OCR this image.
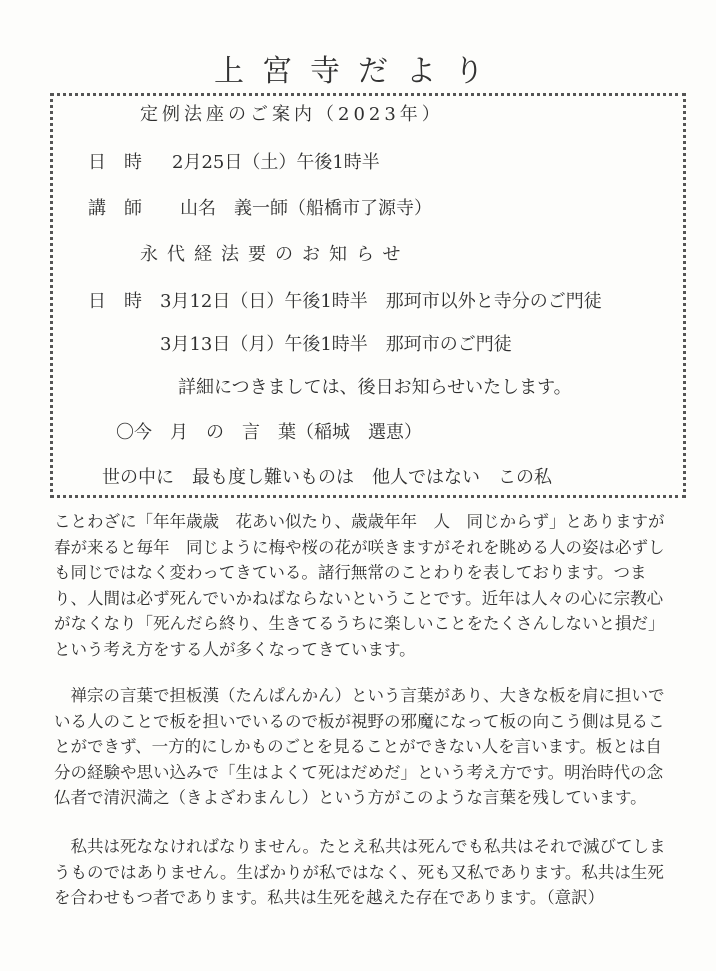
上宮寺だより
定例法座のご案内（2023年）
日　時 2月25日（土）午後1時半
講　師 山名　義一師（船橋市了源寺）
永代経法要のお知らせ
日　時 3月12日（日）午後1時半　那珂市以外と寺分のご門徒
3月13日（月）午後1時半　那珂市のご門徒
詳細につきましては、後日お知らせいたします。
〇今　月　の　言　葉（稲城　選恵）
世の中に　最も度し難いものは　他人ではない　この私

ことわざに「年年歳歳　花あい似たり、歳歳年年　人　同じからず」とありますが春が来ると毎年　同じように梅や桜の花が咲きますがそれを眺める人の姿は必ずしも同じではなく変わってきている。諸行無常のことわりを表しております。つまり、人間は必ず死んでいかねばならないということです。近年は人々の心に宗教心がなくなり「死んだら終り、生きてるうちに楽しいことをたくさんしないと損だ」という考え方をする人が多くなってきています。

禅宗の言葉で担板漢（たんぱんかん）という言葉があり、大きな板を肩に担いでいる人のことで板を担いでいるので板が視野の邪魔になって板の向こう側は見ることができず、一方的にしかものごとを見ることができない人を言います。板とは自分の経験や思い込みで「生はよくて死はだめだ」という考え方です。明治時代の念仏者で清沢満之（きよざわまんし）という方がこのような言葉を残しています。

私共は死ななければなりません。たとえ私共は死んでも私共はそれで滅びてしまうものではありません。生ばかりが私ではなく、死も又私であります。私共は生死を合わせもつ者であります。私共は生死を越えた存在であります。（意訳）
